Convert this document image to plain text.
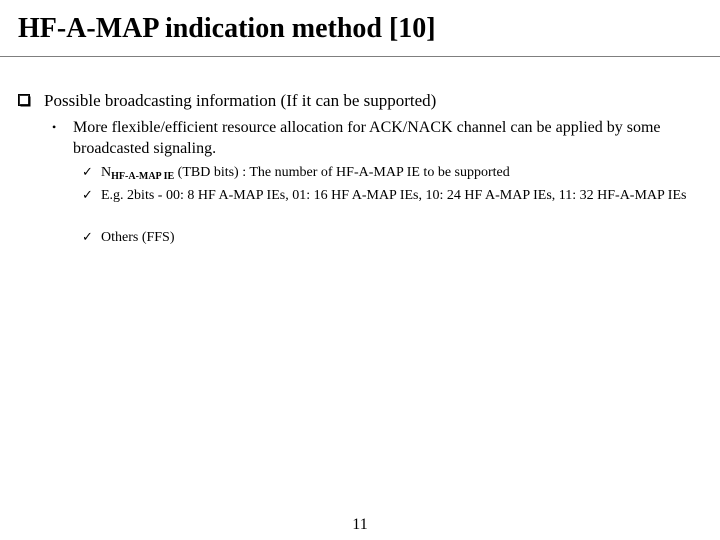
HF-A-MAP indication method [10]
Possible broadcasting information (If it can be supported)
• More flexible/efficient resource allocation for ACK/NACK channel can be applied by some broadcasted signaling.
✓ $N_{HF-A-MAP IE}$ (TBD bits) : The number of HF-A-MAP IE to be supported
✓ E.g. 2bits - 00: 8 HF A-MAP IEs, 01: 16 HF A-MAP IEs, 10: 24 HF A-MAP IEs, 11: 32 HF-A-MAP IEs
✓ Others (FFS)
11
